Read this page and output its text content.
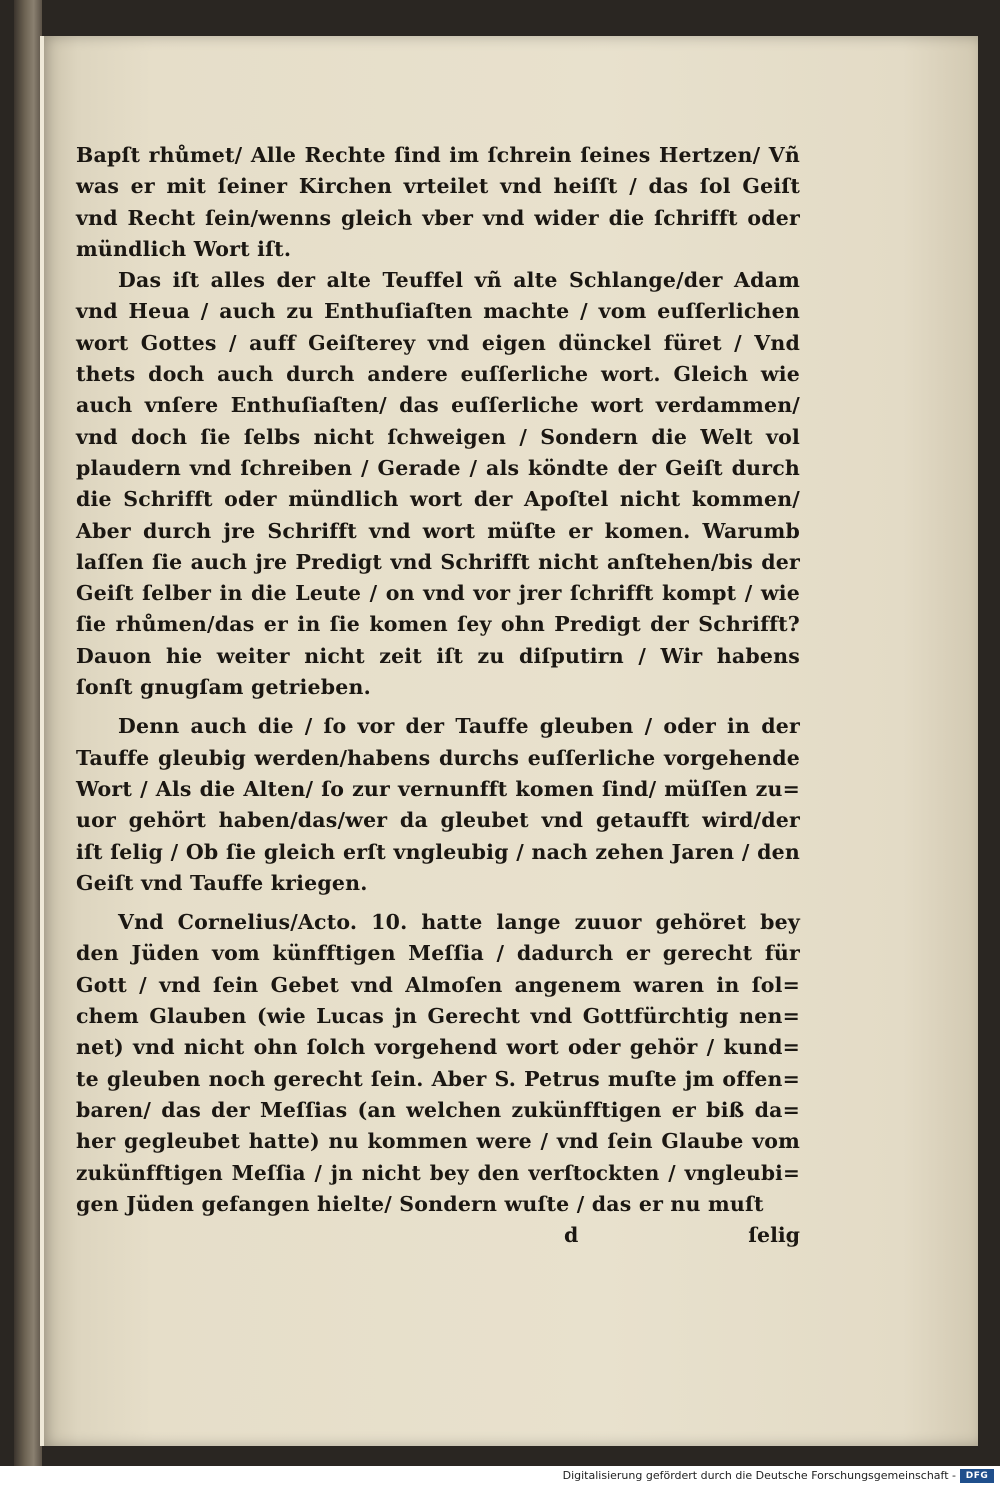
Bapſt rhůmet/ Alle Rechte ſind im ſchrein ſeines Hertzen/ Vñ
was er mit ſeiner Kirchen vrteilet vnd heiſſt / das ſol Geiſt
vnd Recht ſein/wenns gleich vber vnd wider die ſchrifft oder
mündlich Wort iſt.
Das iſt alles der alte Teuffel vñ alte Schlange/der Adam
vnd Heua / auch zu Enthuſiaſten machte / vom euſſerlichen
wort Gottes / auff Geiſterey vnd eigen dünckel füret / Vnd
thets doch auch durch andere euſſerliche wort. Gleich wie
auch vnſere Enthuſiaſten/ das euſſerliche wort verdammen/
vnd doch ſie ſelbs nicht ſchweigen / Sondern die Welt vol
plaudern vnd ſchreiben / Gerade / als köndte der Geiſt durch
die Schrifft oder mündlich wort der Apoſtel nicht kommen/
Aber durch jre Schrifft vnd wort müſte er komen. Warumb
laſſen ſie auch jre Predigt vnd Schrifft nicht anſtehen/bis der
Geiſt ſelber in die Leute / on vnd vor jrer ſchrifft kompt / wie
ſie rhůmen/das er in ſie komen ſey ohn Predigt der Schrifft?
Dauon hie weiter nicht zeit iſt zu diſputirn / Wir habens
ſonſt gnugſam getrieben.
Denn auch die / ſo vor der Tauffe gleuben / oder in der
Tauffe gleubig werden/habens durchs euſſerliche vorgehende
Wort / Als die Alten/ ſo zur vernunfft komen ſind/ müſſen zu=
uor gehört haben/das/wer da gleubet vnd getaufft wird/der
iſt ſelig / Ob ſie gleich erſt vngleubig / nach zehen Jaren / den
Geiſt vnd Tauffe kriegen.
Vnd Cornelius/Acto. 10. hatte lange zuuor gehöret bey
den Jüden vom künfftigen Meſſia / dadurch er gerecht für
Gott / vnd ſein Gebet vnd Almoſen angenem waren in ſol=
chem Glauben (wie Lucas jn Gerecht vnd Gottfürchtig nen=
net) vnd nicht ohn ſolch vorgehend wort oder gehör / kund=
te gleuben noch gerecht ſein. Aber S. Petrus muſte jm offen=
baren/ das der Meſſias (an welchen zukünfftigen er biß da=
her gegleubet hatte) nu kommen were / vnd ſein Glaube vom
zukünfftigen Meſſia / jn nicht bey den verſtockten / vngleubi=
gen Jüden gefangen hielte/ Sondern wuſte / das er nu muſt
d	ſelig
Digitalisierung gefördert durch die Deutsche Forschungsgemeinschaft -	DFG
